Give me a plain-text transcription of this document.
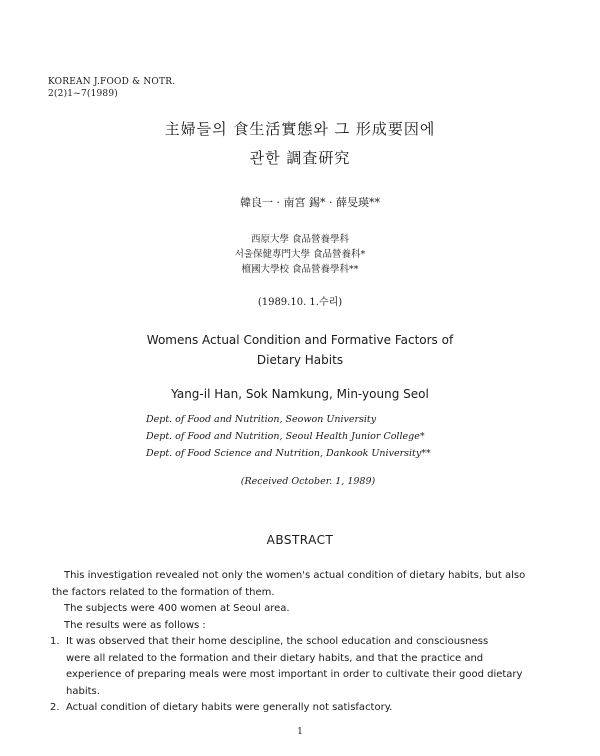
KOREAN J.FOOD & NOTR.
2(2)1~7(1989)
主婦들의 食生活實態와 그 形成要因에
관한 調査硏究
韓良一 · 南宮 錫* · 薛旻瑛**
西原大學 食品營養學科
서울保健專門大學 食品營養科*
檀國大學校 食品營養學科**
(1989.10. 1.수리)
Womens Actual Condition and Formative Factors of
Dietary Habits
Yang-il Han, Sok Namkung, Min-young Seol
Dept. of Food and Nutrition, Seowon University
Dept. of Food and Nutrition, Seoul Health Junior College*
Dept. of Food Science and Nutrition, Dankook University**
(Received October. 1, 1989)
ABSTRACT
This investigation revealed not only the women's actual condition of dietary habits, but also
the factors related to the formation of them.
The subjects were 400 women at Seoul area.
The results were as follows :
1. It was observed that their home descipline, the school education and consciousness
were all related to the formation and their dietary habits, and that the practice and
experience of preparing meals were most important in order to cultivate their good dietary
habits.
2. Actual condition of dietary habits were generally not satisfactory.
1
